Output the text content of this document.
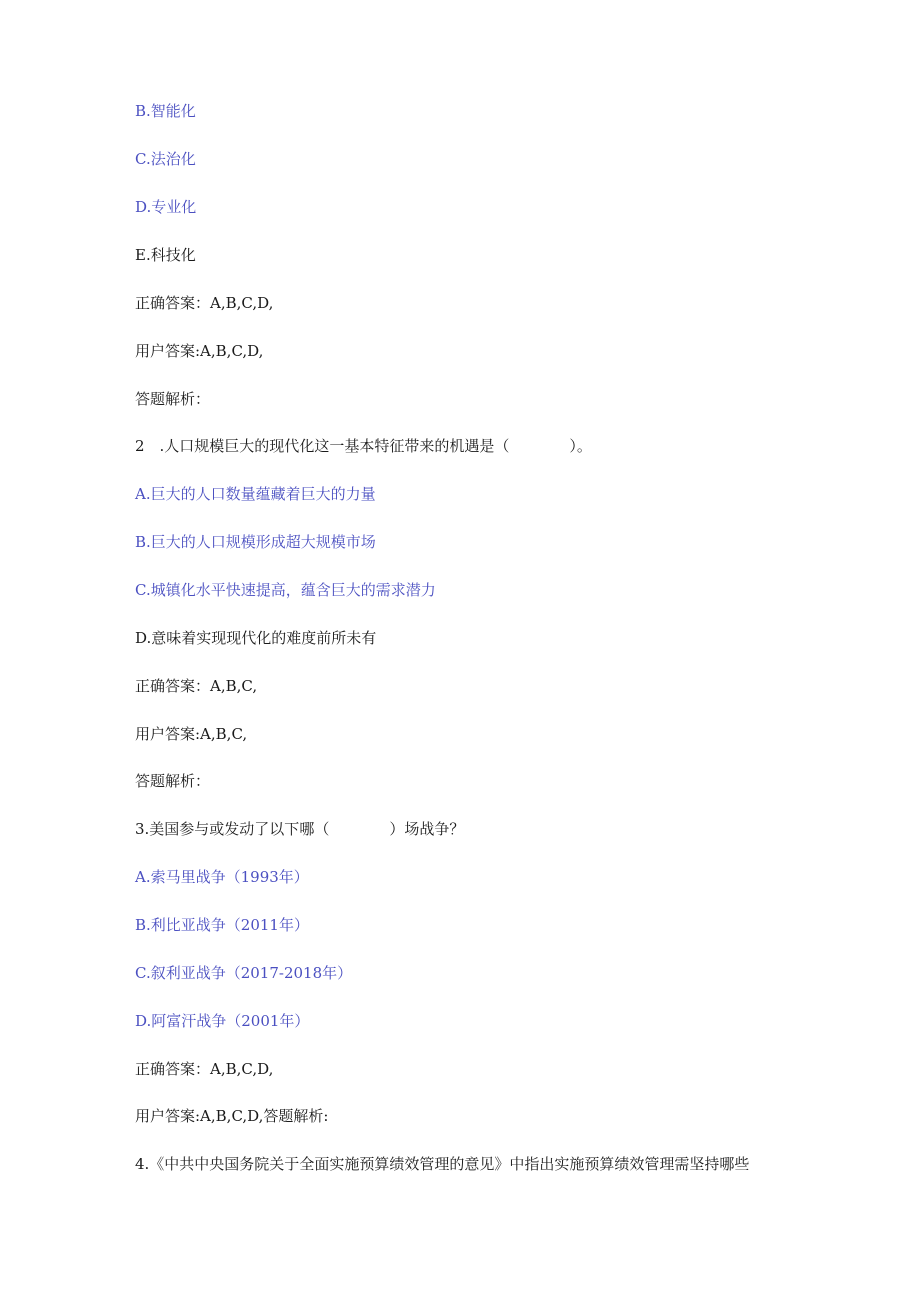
B.智能化
C.法治化
D.专业化
E.科技化
正确答案：A,B,C,D,
用户答案:A,B,C,D,
答题解析：
2　.人口规模巨大的现代化这一基本特征带来的机遇是（　　　　）。
A.巨大的人口数量蕴藏着巨大的力量
B.巨大的人口规模形成超大规模市场
C.城镇化水平快速提高，蕴含巨大的需求潜力
D.意味着实现现代化的难度前所未有
正确答案：A,B,C,
用户答案:A,B,C,
答题解析：
3.美国参与或发动了以下哪（　　　　）场战争？
A.索马里战争（1993年）
B.利比亚战争（2011年）
C.叙利亚战争（2017-2018年）
D.阿富汗战争（2001年）
正确答案：A,B,C,D,
用户答案:A,B,C,D,答题解析:
4.《中共中央国务院关于全面实施预算绩效管理的意见》中指出实施预算绩效管理需坚持哪些
